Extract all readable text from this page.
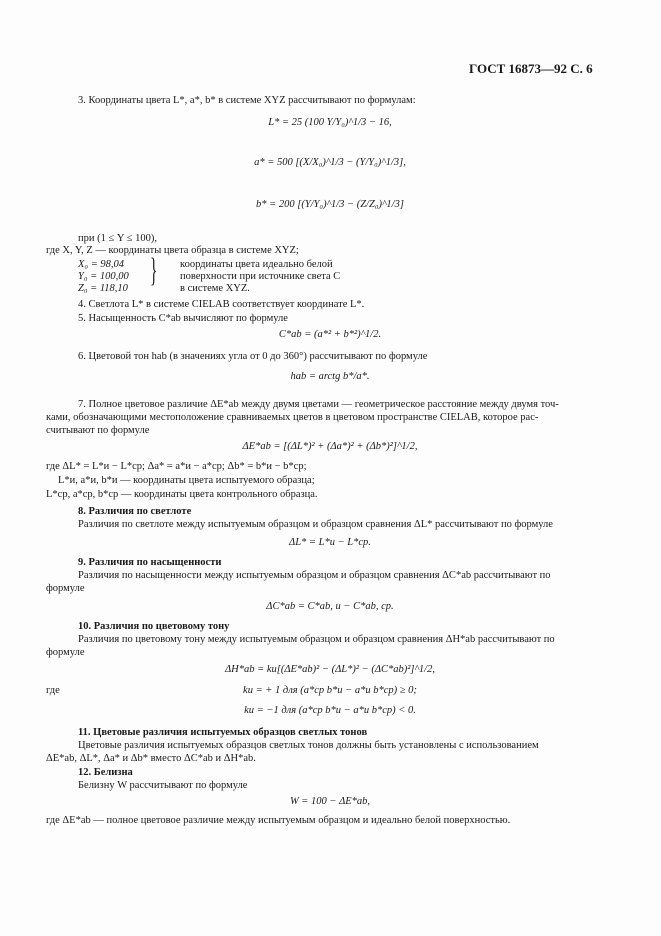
ГОСТ 16873—92 С. 6
3. Координаты цвета L*, a*, b* в системе XYZ рассчитывают по формулам:
L* = 25 (100 Y/Y₀)^1/3 − 16,
a* = 500 [(X/X₀)^1/3 − (Y/Y₀)^1/3],
b* = 200 [(Y/Y₀)^1/3 − (Z/Z₀)^1/3]
при (1 ≤ Y ≤ 100),
где X, Y, Z — координаты цвета образца в системе XYZ;
X₀ = 98,04
Y₀ = 100,00
Z₀ = 118,10 } координаты цвета идеально белой
поверхности при источнике света C
в системе XYZ.
4. Светлота L* в системе CIELAB соответствует координате L*.
5. Насыщенность C*ab вычисляют по формуле
C*ab = (a*² + b*²)^1/2.
6. Цветовой тон hab (в значениях угла от 0 до 360°) рассчитывают по формуле
hab = arctg b*/a*.
7. Полное цветовое различие ΔE*ab между двумя цветами — геометрическое расстояние между двумя точ-
ками, обозначающими местоположение сравниваемых цветов в цветовом пространстве CIELAB, которое рас-
считывают по формуле
ΔE*ab = [(ΔL*)² + (Δa*)² + (Δb*)²]^1/2,
где ΔL* = L*и − L*ср; Δa* = a*и − a*ср; Δb* = b*и − b*ср;
L*и, a*и, b*и — координаты цвета испытуемого образца;
L*ср, a*ср, b*ср — координаты цвета контрольного образца.
8. Различия по светлоте
Различия по светлоте между испытуемым образцом и образцом сравнения ΔL* рассчитывают по формуле
ΔL* = L*и − L*ср.
9. Различия по насыщенности
Различия по насыщенности между испытуемым образцом и образцом сравнения ΔC*ab рассчитывают по
формуле
ΔC*ab = C*ab, и − C*ab, ср.
10. Различия по цветовому тону
Различия по цветовому тону между испытуемым образцом и образцом сравнения ΔH*ab рассчитывают по
формуле
ΔH*ab = kи[(ΔE*ab)² − (ΔL*)² − (ΔC*ab)²]^1/2,
где	kи = + 1 для (a*ср b*и − a*и b*ср) ≥ 0;
kи = −1 для (a*ср b*и − a*и b*ср) < 0.
11. Цветовые различия испытуемых образцов светлых тонов
Цветовые различия испытуемых образцов светлых тонов должны быть установлены с использованием
ΔE*ab, ΔL*, Δa* и Δb* вместо ΔC*ab и ΔH*ab.
12. Белизна
Белизну W рассчитывают по формуле
W = 100 − ΔE*ab,
где ΔE*ab — полное цветовое различие между испытуемым образцом и идеально белой поверхностью.
